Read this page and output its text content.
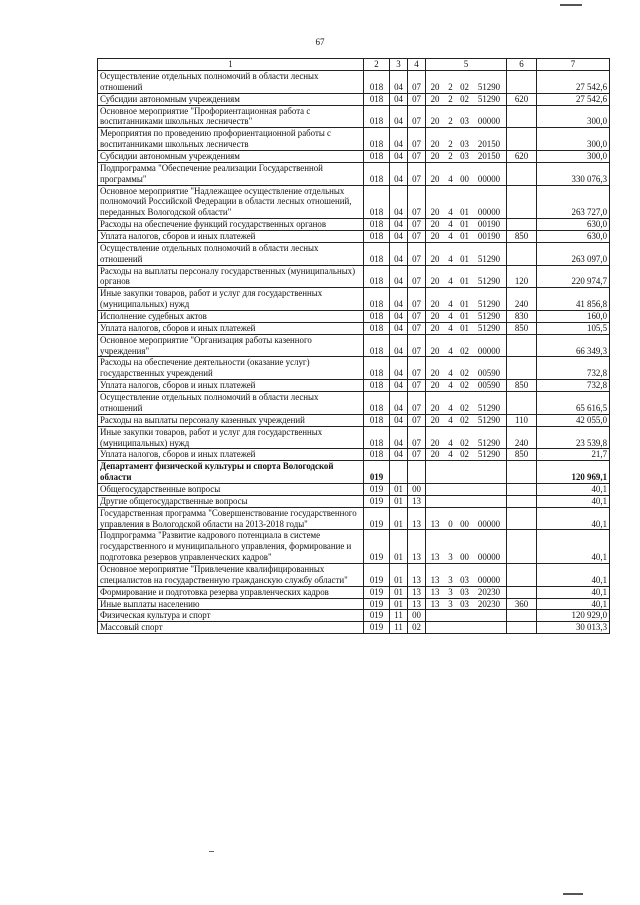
67
1	2	3	4	5	6	7
Осуществление отдельных полномочий в области лесных отношений	018	04	07	20 2 02 51290		27 542,6
Субсидии автономным учреждениям	018	04	07	20 2 02 51290	620	27 542,6
Основное мероприятие "Профориентационная работа с воспитанниками школьных лесничеств"	018	04	07	20 2 03 00000		300,0
Мероприятия по проведению профориентационной работы с воспитанниками школьных лесничеств	018	04	07	20 2 03 20150		300,0
Субсидии автономным учреждениям	018	04	07	20 2 03 20150	620	300,0
Подпрограмма "Обеспечение реализации Государственной программы"	018	04	07	20 4 00 00000		330 076,3
Основное мероприятие "Надлежащее осуществление отдельных полномочий Российской Федерации в области лесных отношений, переданных Вологодской области"	018	04	07	20 4 01 00000		263 727,0
Расходы на обеспечение функций государственных органов	018	04	07	20 4 01 00190		630,0
Уплата налогов, сборов и иных платежей	018	04	07	20 4 01 00190	850	630,0
Осуществление отдельных полномочий в области лесных отношений	018	04	07	20 4 01 51290		263 097,0
Расходы на выплаты персоналу государственных (муниципальных) органов	018	04	07	20 4 01 51290	120	220 974,7
Иные закупки товаров, работ и услуг для государственных (муниципальных) нужд	018	04	07	20 4 01 51290	240	41 856,8
Исполнение судебных актов	018	04	07	20 4 01 51290	830	160,0
Уплата налогов, сборов и иных платежей	018	04	07	20 4 01 51290	850	105,5
Основное мероприятие "Организация работы казенного учреждения"	018	04	07	20 4 02 00000		66 349,3
Расходы на обеспечение деятельности (оказание услуг) государственных учреждений	018	04	07	20 4 02 00590		732,8
Уплата налогов, сборов и иных платежей	018	04	07	20 4 02 00590	850	732,8
Осуществление отдельных полномочий в области лесных отношений	018	04	07	20 4 02 51290		65 616,5
Расходы на выплаты персоналу казенных учреждений	018	04	07	20 4 02 51290	110	42 055,0
Иные закупки товаров, работ и услуг для государственных (муниципальных) нужд	018	04	07	20 4 02 51290	240	23 539,8
Уплата налогов, сборов и иных платежей	018	04	07	20 4 02 51290	850	21,7
Департамент физической культуры и спорта Вологодской области	019					120 969,1
Общегосударственные вопросы	019	01	00			40,1
Другие общегосударственные вопросы	019	01	13			40,1
Государственная программа "Совершенствование государственного управления в Вологодской области на 2013-2018 годы"	019	01	13	13 0 00 00000		40,1
Подпрограмма "Развитие кадрового потенциала в системе государственного и муниципального управления, формирование и подготовка резервов управленческих кадров"	019	01	13	13 3 00 00000		40,1
Основное мероприятие "Привлечение квалифицированных специалистов на государственную гражданскую службу области"	019	01	13	13 3 03 00000		40,1
Формирование и подготовка резерва управленческих кадров	019	01	13	13 3 03 20230		40,1
Иные выплаты населению	019	01	13	13 3 03 20230	360	40,1
Физическая культура и спорт	019	11	00			120 929,0
Массовый спорт	019	11	02			30 013,3
